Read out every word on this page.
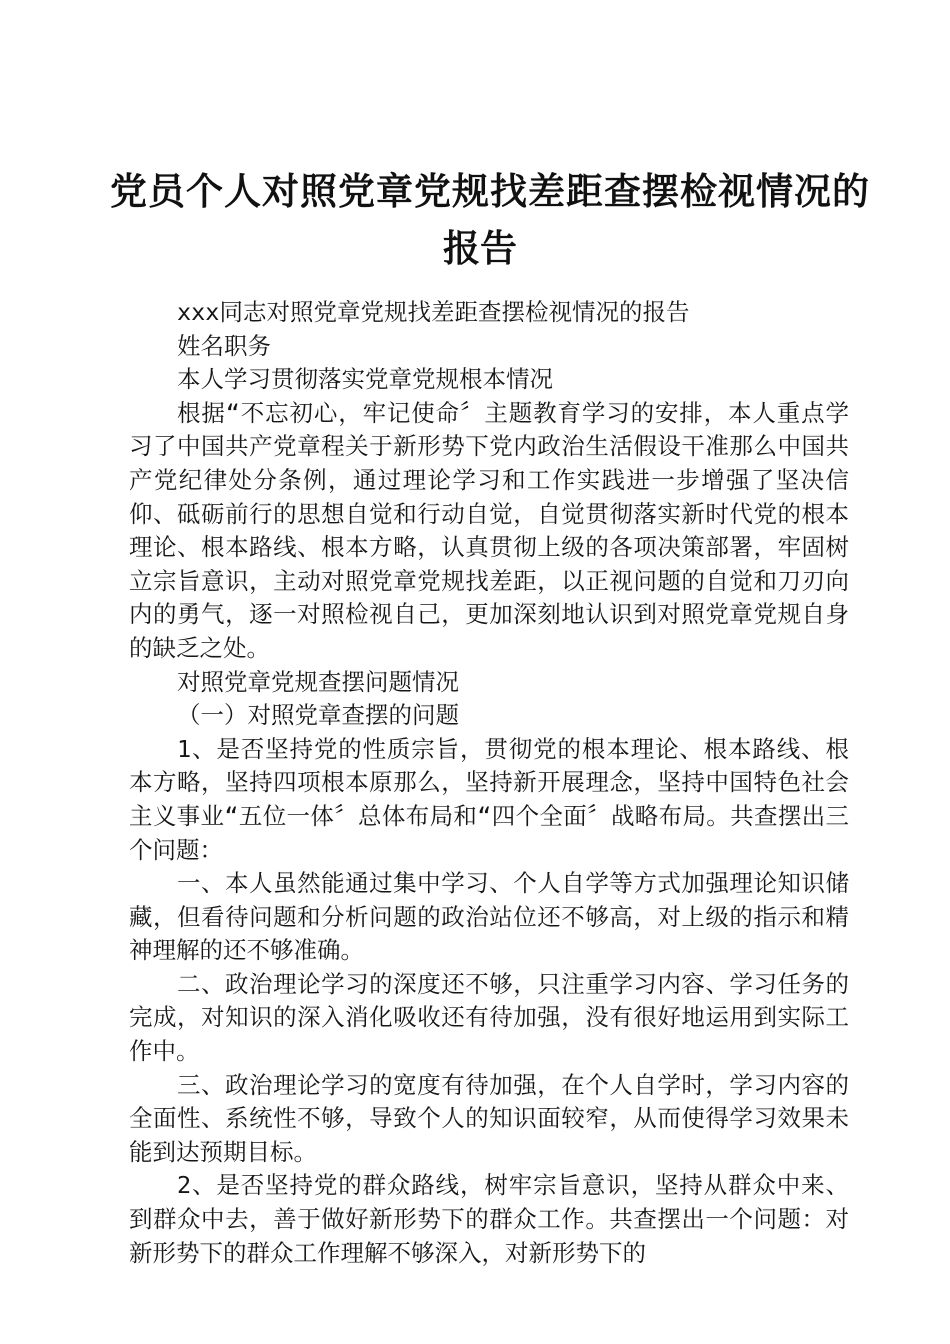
党员个人对照党章党规找差距查摆检视情况的
报告

xxx同志对照党章党规找差距查摆检视情况的报告

姓名职务

本人学习贯彻落实党章党规根本情况

根据“不忘初心，牢记使命〞主题教育学习的安排，本人重点学习了中国共产党章程关于新形势下党内政治生活假设干准那么中国共产党纪律处分条例，通过理论学习和工作实践进一步增强了坚决信仰、砥砺前行的思想自觉和行动自觉，自觉贯彻落实新时代党的根本理论、根本路线、根本方略，认真贯彻上级的各项决策部署，牢固树立宗旨意识，主动对照党章党规找差距，以正视问题的自觉和刀刃向内的勇气，逐一对照检视自己，更加深刻地认识到对照党章党规自身的缺乏之处。

对照党章党规查摆问题情况

（一）对照党章查摆的问题

1、是否坚持党的性质宗旨，贯彻党的根本理论、根本路线、根本方略，坚持四项根本原那么，坚持新开展理念，坚持中国特色社会主义事业“五位一体〞总体布局和“四个全面〞战略布局。共查摆出三个问题：

一、本人虽然能通过集中学习、个人自学等方式加强理论知识储藏，但看待问题和分析问题的政治站位还不够高，对上级的指示和精神理解的还不够准确。

二、政治理论学习的深度还不够，只注重学习内容、学习任务的完成，对知识的深入消化吸收还有待加强，没有很好地运用到实际工作中。

三、政治理论学习的宽度有待加强，在个人自学时，学习内容的全面性、系统性不够，导致个人的知识面较窄，从而使得学习效果未能到达预期目标。

2、是否坚持党的群众路线，树牢宗旨意识，坚持从群众中来、到群众中去，善于做好新形势下的群众工作。共查摆出一个问题：对新形势下的群众工作理解不够深入，对新形势下的
